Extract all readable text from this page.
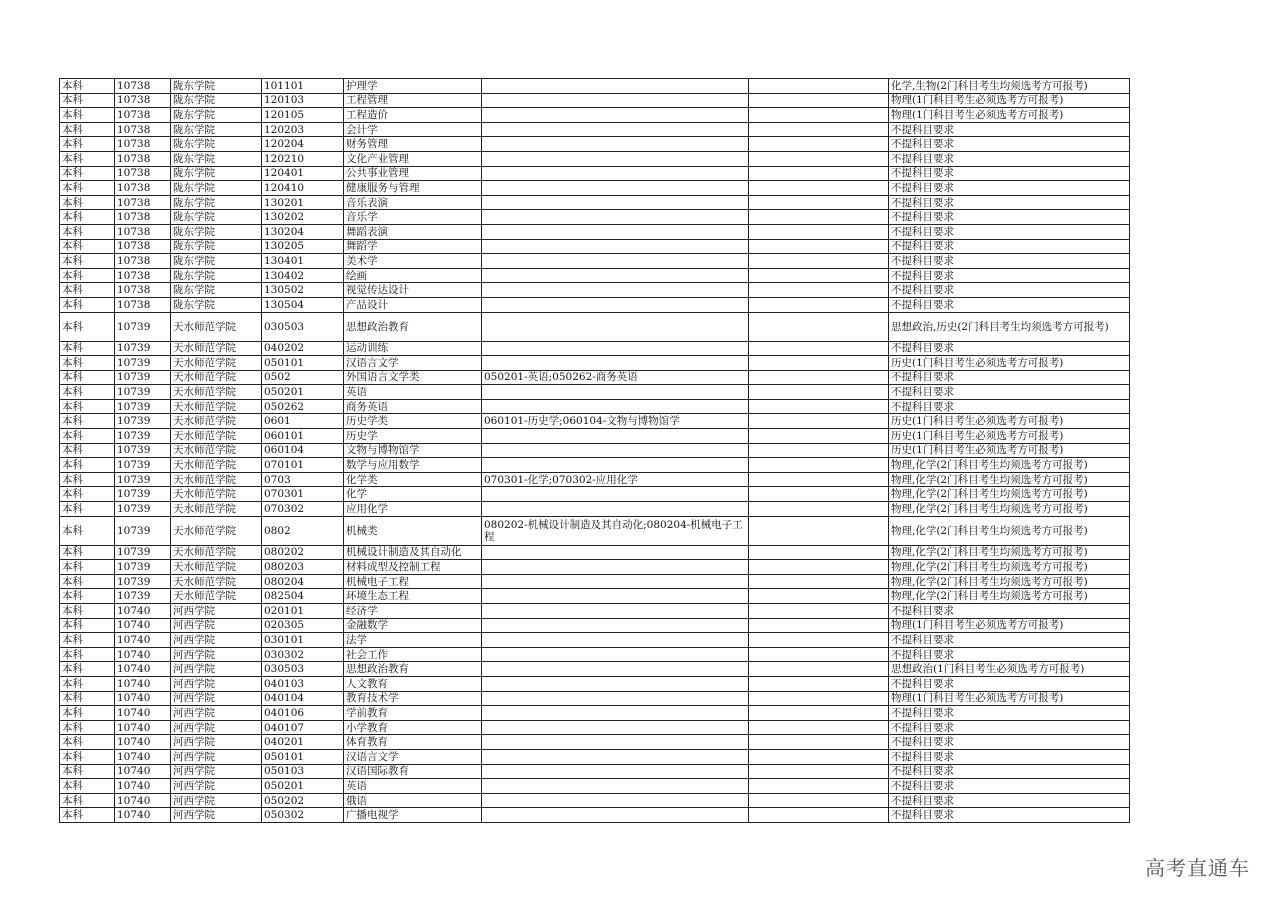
本科	10738	陇东学院	101101	护理学			化学,生物(2门科目考生均须选考方可报考)
本科	10738	陇东学院	120103	工程管理			物理(1门科目考生必须选考方可报考)
本科	10738	陇东学院	120105	工程造价			物理(1门科目考生必须选考方可报考)
本科	10738	陇东学院	120203	会计学			不提科目要求
本科	10738	陇东学院	120204	财务管理			不提科目要求
本科	10738	陇东学院	120210	文化产业管理			不提科目要求
本科	10738	陇东学院	120401	公共事业管理			不提科目要求
本科	10738	陇东学院	120410	健康服务与管理			不提科目要求
本科	10738	陇东学院	130201	音乐表演			不提科目要求
本科	10738	陇东学院	130202	音乐学			不提科目要求
本科	10738	陇东学院	130204	舞蹈表演			不提科目要求
本科	10738	陇东学院	130205	舞蹈学			不提科目要求
本科	10738	陇东学院	130401	美术学			不提科目要求
本科	10738	陇东学院	130402	绘画			不提科目要求
本科	10738	陇东学院	130502	视觉传达设计			不提科目要求
本科	10738	陇东学院	130504	产品设计			不提科目要求
本科	10739	天水师范学院	030503	思想政治教育			思想政治,历史(2门科目考生均须选考方可报考)
本科	10739	天水师范学院	040202	运动训练			不提科目要求
本科	10739	天水师范学院	050101	汉语言文学			历史(1门科目考生必须选考方可报考)
本科	10739	天水师范学院	0502	外国语言文学类	050201-英语;050262-商务英语		不提科目要求
本科	10739	天水师范学院	050201	英语			不提科目要求
本科	10739	天水师范学院	050262	商务英语			不提科目要求
本科	10739	天水师范学院	0601	历史学类	060101-历史学;060104-文物与博物馆学		历史(1门科目考生必须选考方可报考)
本科	10739	天水师范学院	060101	历史学			历史(1门科目考生必须选考方可报考)
本科	10739	天水师范学院	060104	文物与博物馆学			历史(1门科目考生必须选考方可报考)
本科	10739	天水师范学院	070101	数学与应用数学			物理,化学(2门科目考生均须选考方可报考)
本科	10739	天水师范学院	0703	化学类	070301-化学;070302-应用化学		物理,化学(2门科目考生均须选考方可报考)
本科	10739	天水师范学院	070301	化学			物理,化学(2门科目考生均须选考方可报考)
本科	10739	天水师范学院	070302	应用化学			物理,化学(2门科目考生均须选考方可报考)
本科	10739	天水师范学院	0802	机械类	080202-机械设计制造及其自动化;080204-机械电子工程		物理,化学(2门科目考生均须选考方可报考)
本科	10739	天水师范学院	080202	机械设计制造及其自动化			物理,化学(2门科目考生均须选考方可报考)
本科	10739	天水师范学院	080203	材料成型及控制工程			物理,化学(2门科目考生均须选考方可报考)
本科	10739	天水师范学院	080204	机械电子工程			物理,化学(2门科目考生均须选考方可报考)
本科	10739	天水师范学院	082504	环境生态工程			物理,化学(2门科目考生均须选考方可报考)
本科	10740	河西学院	020101	经济学			不提科目要求
本科	10740	河西学院	020305	金融数学			物理(1门科目考生必须选考方可报考)
本科	10740	河西学院	030101	法学			不提科目要求
本科	10740	河西学院	030302	社会工作			不提科目要求
本科	10740	河西学院	030503	思想政治教育			思想政治(1门科目考生必须选考方可报考)
本科	10740	河西学院	040103	人文教育			不提科目要求
本科	10740	河西学院	040104	教育技术学			物理(1门科目考生必须选考方可报考)
本科	10740	河西学院	040106	学前教育			不提科目要求
本科	10740	河西学院	040107	小学教育			不提科目要求
本科	10740	河西学院	040201	体育教育			不提科目要求
本科	10740	河西学院	050101	汉语言文学			不提科目要求
本科	10740	河西学院	050103	汉语国际教育			不提科目要求
本科	10740	河西学院	050201	英语			不提科目要求
本科	10740	河西学院	050202	俄语			不提科目要求
本科	10740	河西学院	050302	广播电视学			不提科目要求
高考直通车
